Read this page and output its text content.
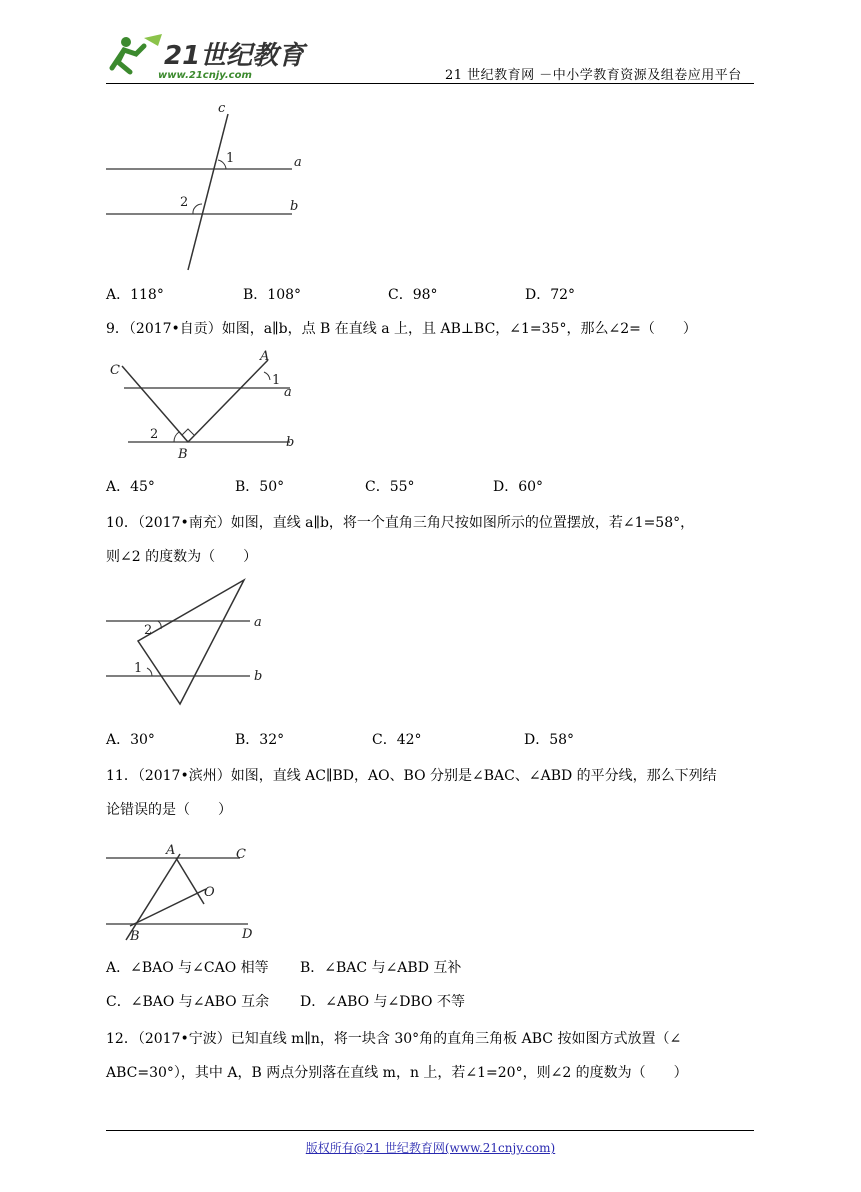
21世纪教育
www.21cnjy.com	21 世纪教育网 －中小学教育资源及组卷应用平台
c
1	a
2	b
A．118°	B．108°	C．98°	D．72°
9．（2017•自贡）如图，a∥b，点 B 在直线 a 上，且 AB⊥BC，∠1=35°，那么∠2=（　　）
C
A
1
a
2
B
b
A．45°	B．50°	C．55°	D．60°
10．（2017•南充）如图，直线 a∥b，将一个直角三角尺按如图所示的位置摆放，若∠1=58°，
则∠2 的度数为（　　）
2
a
1
b
A．30°	B．32°	C．42°	D．58°
11．（2017•滨州）如图，直线 AC∥BD，AO、BO 分别是∠BAC、∠ABD 的平分线，那么下列结
论错误的是（　　）
A	C
O
B	D
A．∠BAO 与∠CAO 相等 B．∠BAC 与∠ABD 互补
C．∠BAO 与∠ABO 互余 D．∠ABO 与∠DBO 不等
12．（2017•宁波）已知直线 m∥n，将一块含 30°角的直角三角板 ABC 按如图方式放置（∠
ABC=30°），其中 A，B 两点分别落在直线 m，n 上，若∠1=20°，则∠2 的度数为（　　）
版权所有@21 世纪教育网(www.21cnjy.com)
